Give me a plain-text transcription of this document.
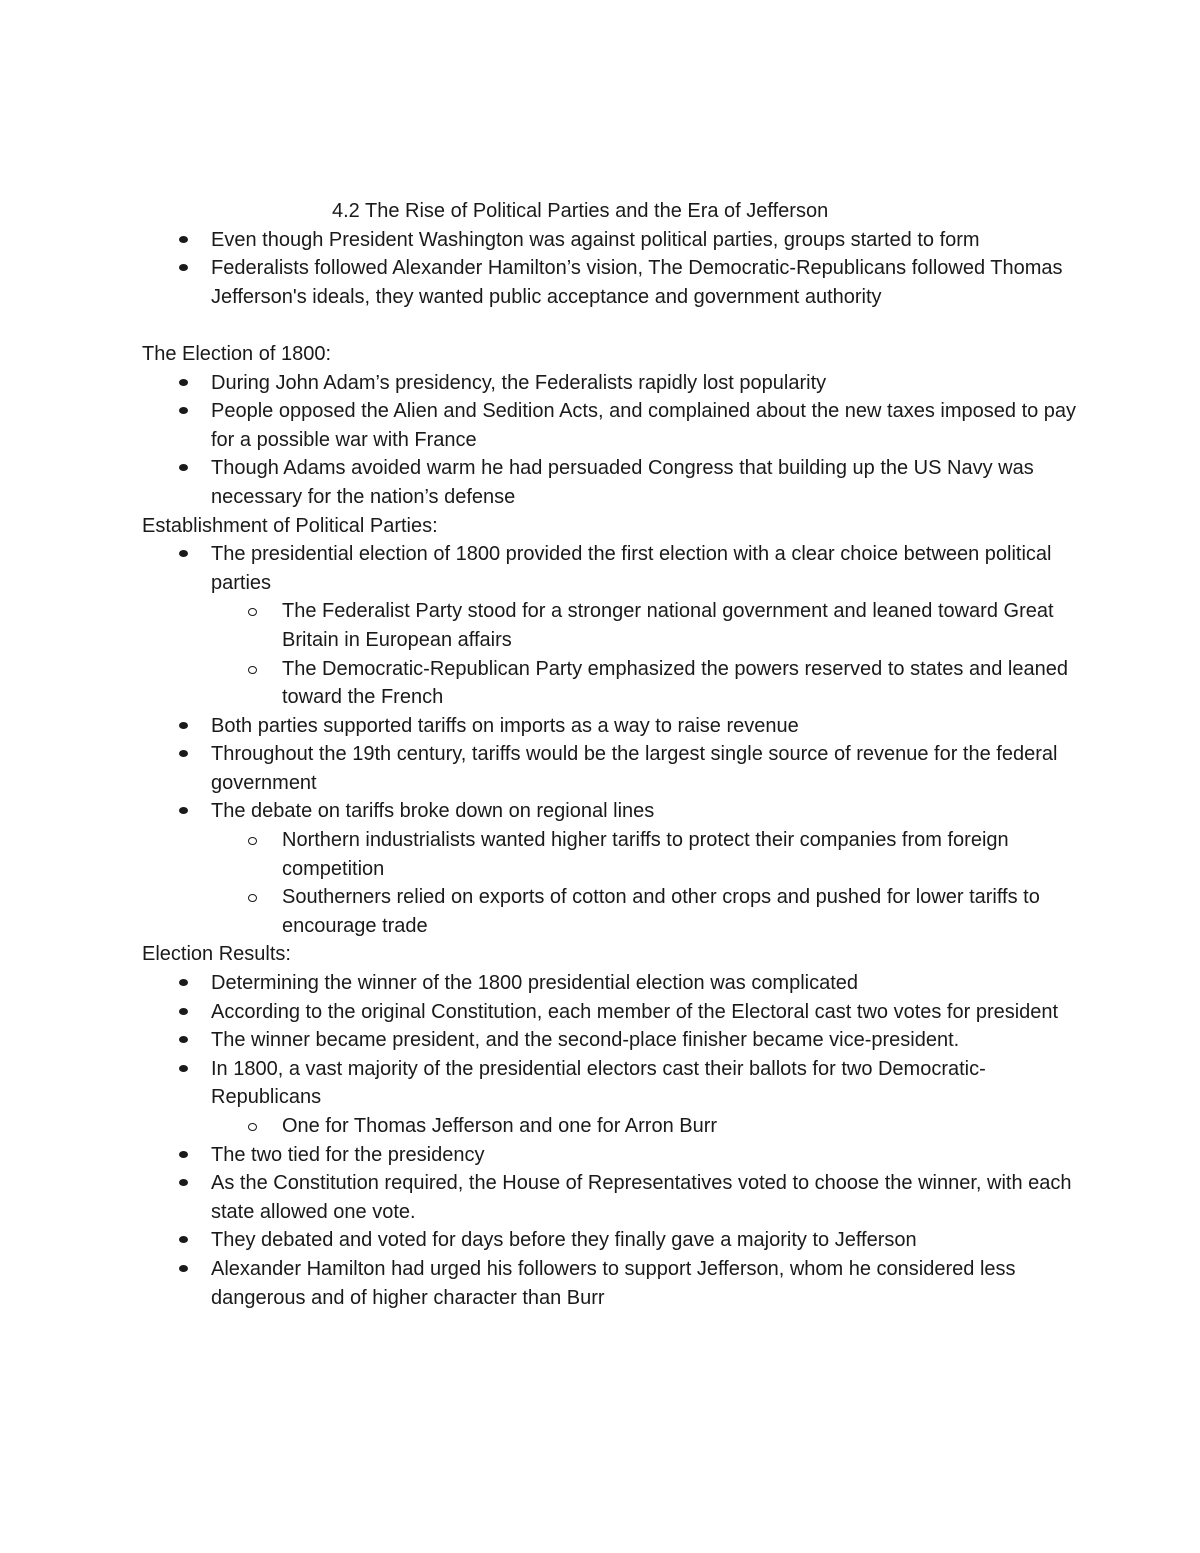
4.2 The Rise of Political Parties and the Era of Jefferson
Even though President Washington was against political parties, groups started to form
Federalists followed Alexander Hamilton’s vision, The Democratic-Republicans followed Thomas Jefferson's ideals, they wanted public acceptance and government authority

The Election of 1800:

During John Adam’s presidency, the Federalists rapidly lost popularity
People opposed the Alien and Sedition Acts, and complained about the new taxes imposed to pay for a possible war with France
Though Adams avoided warm he had persuaded Congress that building up the US Navy was necessary for the nation’s defense

Establishment of Political Parties:

The presidential election of 1800 provided the first election with a clear choice between political parties
The Federalist Party stood for a stronger national government and leaned toward Great Britain in European affairs
The Democratic-Republican Party emphasized the powers reserved to states and leaned toward the French
Both parties supported tariffs on imports as a way to raise revenue
Throughout the 19th century, tariffs would be the largest single source of revenue for the federal government
The debate on tariffs broke down on regional lines
Northern industrialists wanted higher tariffs to protect their companies from foreign competition
Southerners relied on exports of cotton and other crops and pushed for lower tariffs to encourage trade

Election Results:

Determining the winner of the 1800 presidential election was complicated
According to the original Constitution, each member of the Electoral cast two votes for president
The winner became president, and the second-place finisher became vice-president.
In 1800, a vast majority of the presidential electors cast their ballots for two Democratic-Republicans
One for Thomas Jefferson and one for Arron Burr
The two tied for the presidency
As the Constitution required, the House of Representatives voted to choose the winner, with each state allowed one vote.
They debated and voted for days before they finally gave a majority to Jefferson
Alexander Hamilton had urged his followers to support Jefferson, whom he considered less dangerous and of higher character than Burr
